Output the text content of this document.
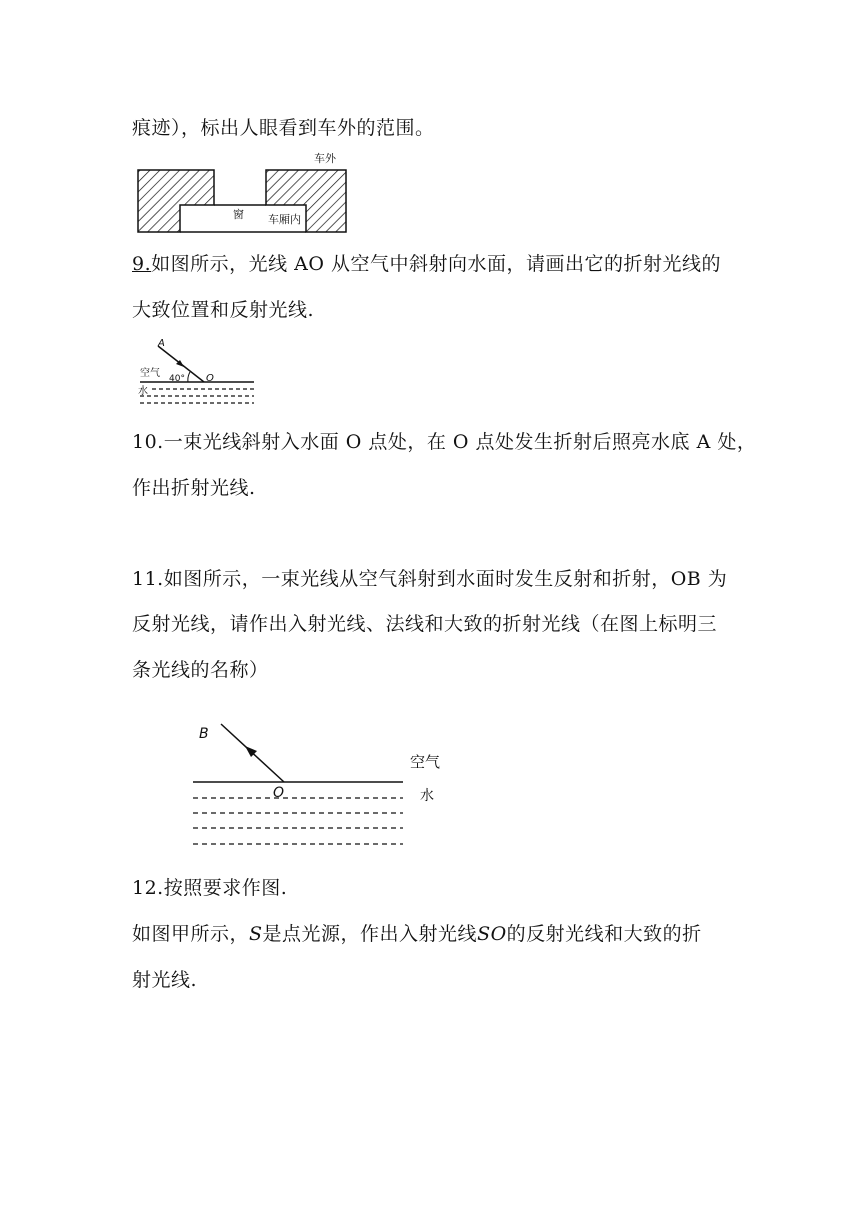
痕迹），标出人眼看到车外的范围。
车外
窗 车厢内
9.如图所示，光线 AO 从空气中斜射向水面，请画出它的折射光线的
大致位置和反射光线.
A
空气 40° O
水
10.一束光线斜射入水面 O 点处，在 O 点处发生折射后照亮水底 A 处，
作出折射光线.
11.如图所示，一束光线从空气斜射到水面时发生反射和折射，OB 为
反射光线，请作出入射光线、法线和大致的折射光线（在图上标明三
条光线的名称）
B
空气
O	水
12.按照要求作图.
如图甲所示，S是点光源，作出入射光线SO的反射光线和大致的折
射光线.
